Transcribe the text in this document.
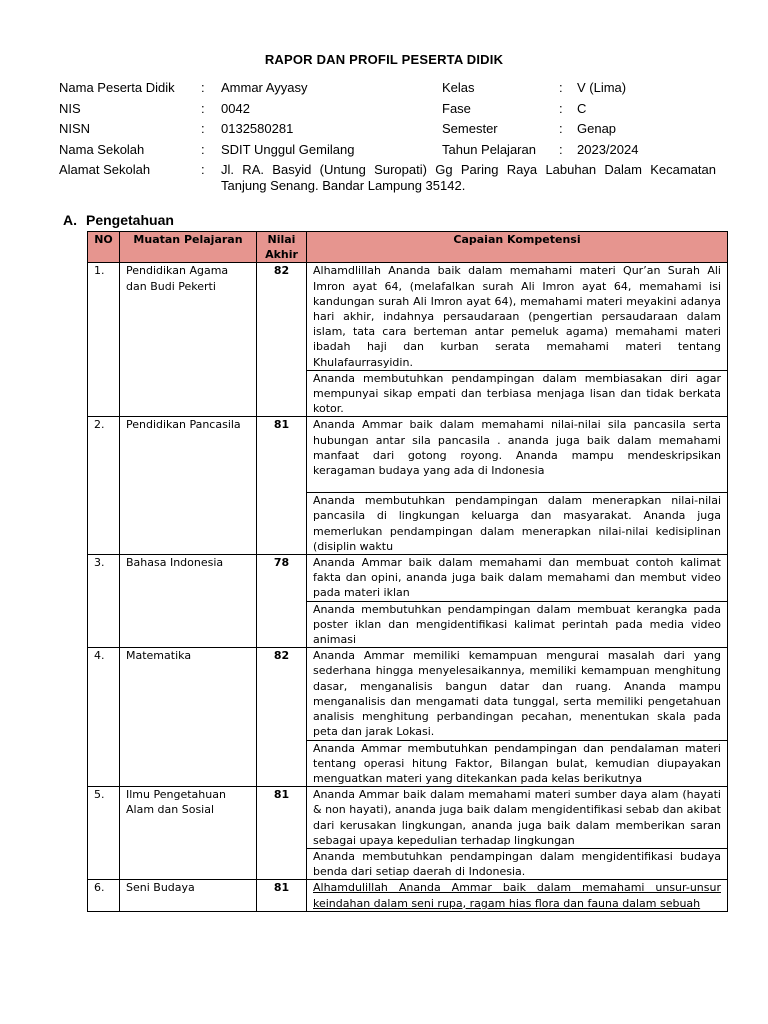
RAPOR DAN PROFIL PESERTA DIDIK
Nama Peserta Didik : Ammar Ayyasy	Kelas	: V (Lima)
NIS	: 0042	Fase	: C
NISN	: 0132580281	Semester	: Genap
Nama Sekolah	: SDIT Unggul Gemilang	Tahun Pelajaran : 2023/2024
Alamat Sekolah	: Jl. RA. Basyid (Untung Suropati) Gg Paring Raya Labuhan Dalam Kecamatan Tanjung Senang. Bandar Lampung 35142.
A. Pengetahuan
NO	Muatan Pelajaran	Nilai Akhir	Capaian Kompetensi
1.	Pendidikan Agama dan Budi Pekerti	82	Alhamdlillah Ananda baik dalam memahami materi Qur’an Surah Ali Imron ayat 64, (melafalkan surah Ali Imron ayat 64, memahami isi kandungan surah Ali Imron ayat 64), memahami materi meyakini adanya hari akhir, indahnya persaudaraan (pengertian persaudaraan dalam islam, tata cara berteman antar pemeluk agama) memahami materi ibadah haji dan kurban serata memahami materi tentang Khulafaurrasyidin.
			Ananda membutuhkan pendampingan dalam membiasakan diri agar mempunyai sikap empati dan terbiasa menjaga lisan dan tidak berkata kotor.
2.	Pendidikan Pancasila	81	Ananda Ammar baik dalam memahami nilai-nilai sila pancasila serta hubungan antar sila pancasila . ananda juga baik dalam memahami manfaat dari gotong royong. Ananda mampu mendeskripsikan keragaman budaya yang ada di Indonesia

			Ananda membutuhkan pendampingan dalam menerapkan nilai-nilai pancasila di lingkungan keluarga dan masyarakat. Ananda juga memerlukan pendampingan dalam menerapkan nilai-nilai kedisiplinan (disiplin waktu
3.	Bahasa Indonesia	78	Ananda Ammar baik dalam memahami dan membuat contoh kalimat fakta dan opini, ananda juga baik dalam memahami dan membut video pada materi iklan
			Ananda membutuhkan pendampingan dalam membuat kerangka pada poster iklan dan mengidentifikasi kalimat perintah pada media video animasi
4.	Matematika	82	Ananda Ammar memiliki kemampuan mengurai masalah dari yang sederhana hingga menyelesaikannya, memiliki kemampuan menghitung dasar, menganalisis bangun datar dan ruang. Ananda mampu menganalisis dan mengamati data tunggal, serta memiliki pengetahuan analisis menghitung perbandingan pecahan, menentukan skala pada peta dan jarak Lokasi.
			Ananda Ammar membutuhkan pendampingan dan pendalaman materi tentang operasi hitung Faktor, Bilangan bulat, kemudian diupayakan menguatkan materi yang ditekankan pada kelas berikutnya
5.	Ilmu Pengetahuan Alam dan Sosial	81	Ananda Ammar baik dalam memahami materi sumber daya alam (hayati & non hayati), ananda juga baik dalam mengidentifikasi sebab dan akibat dari kerusakan lingkungan, ananda juga baik dalam memberikan saran sebagai upaya kepedulian terhadap lingkungan
			Ananda membutuhkan pendampingan dalam mengidentifikasi budaya benda dari setiap daerah di Indonesia.
6.	Seni Budaya	81	Alhamdulillah Ananda Ammar baik dalam memahami unsur-unsur keindahan dalam seni rupa, ragam hias flora dan fauna dalam sebuah
